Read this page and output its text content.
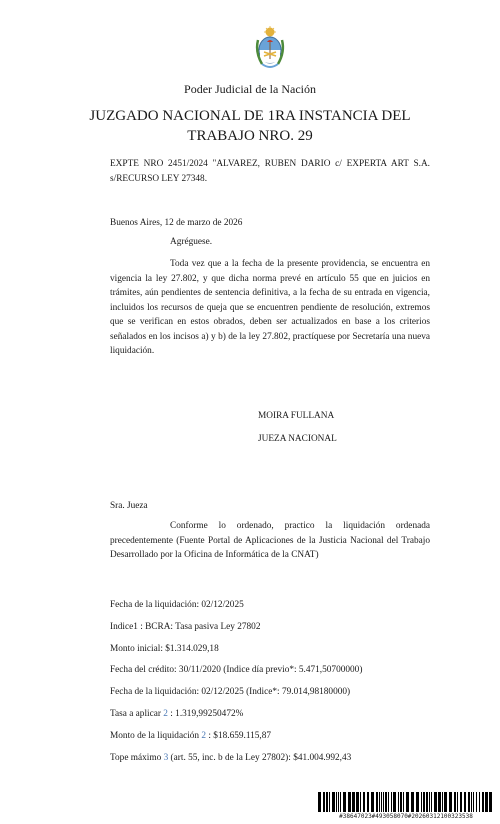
Poder Judicial de la Nación
JUZGADO NACIONAL DE 1RA INSTANCIA DEL
TRABAJO NRO. 29
EXPTE NRO 2451/2024 "ALVAREZ, RUBEN DARIO c/ EXPERTA ART S.A. s/RECURSO LEY 27348.
Buenos Aires, 12 de marzo de 2026
Agréguese.
Toda vez que a la fecha de la presente providencia, se encuentra en vigencia la ley 27.802, y que dicha norma prevé en artículo 55 que en juicios en trámites, aún pendientes de sentencia definitiva, a la fecha de su entrada en vigencia, incluidos los recursos de queja que se encuentren pendiente de resolución, extremos que se verifican en estos obrados, deben ser actualizados en base a los criterios señalados en los incisos a) y b) de la ley 27.802, practíquese por Secretaría una nueva liquidación.
MOIRA FULLANA
JUEZA NACIONAL
Sra. Jueza
Conforme lo ordenado, practico la liquidación ordenada precedentemente (Fuente Portal de Aplicaciones de la Justicia Nacional del Trabajo Desarrollado por la Oficina de Informática de la CNAT)
Fecha de la liquidación: 02/12/2025
Indice1 : BCRA: Tasa pasiva Ley 27802
Monto inicial: $1.314.029,18
Fecha del crédito: 30/11/2020 (Indice día previo*: 5.471,50700000)
Fecha de la liquidación: 02/12/2025 (Indice*: 79.014,98180000)
Tasa a aplicar 2 : 1.319,99250472%
Monto de la liquidación 2 : $18.659.115,87
Tope máximo 3 (art. 55, inc. b de la Ley 27802): $41.004.992,43
#38647023#493058070#20260312100323538
